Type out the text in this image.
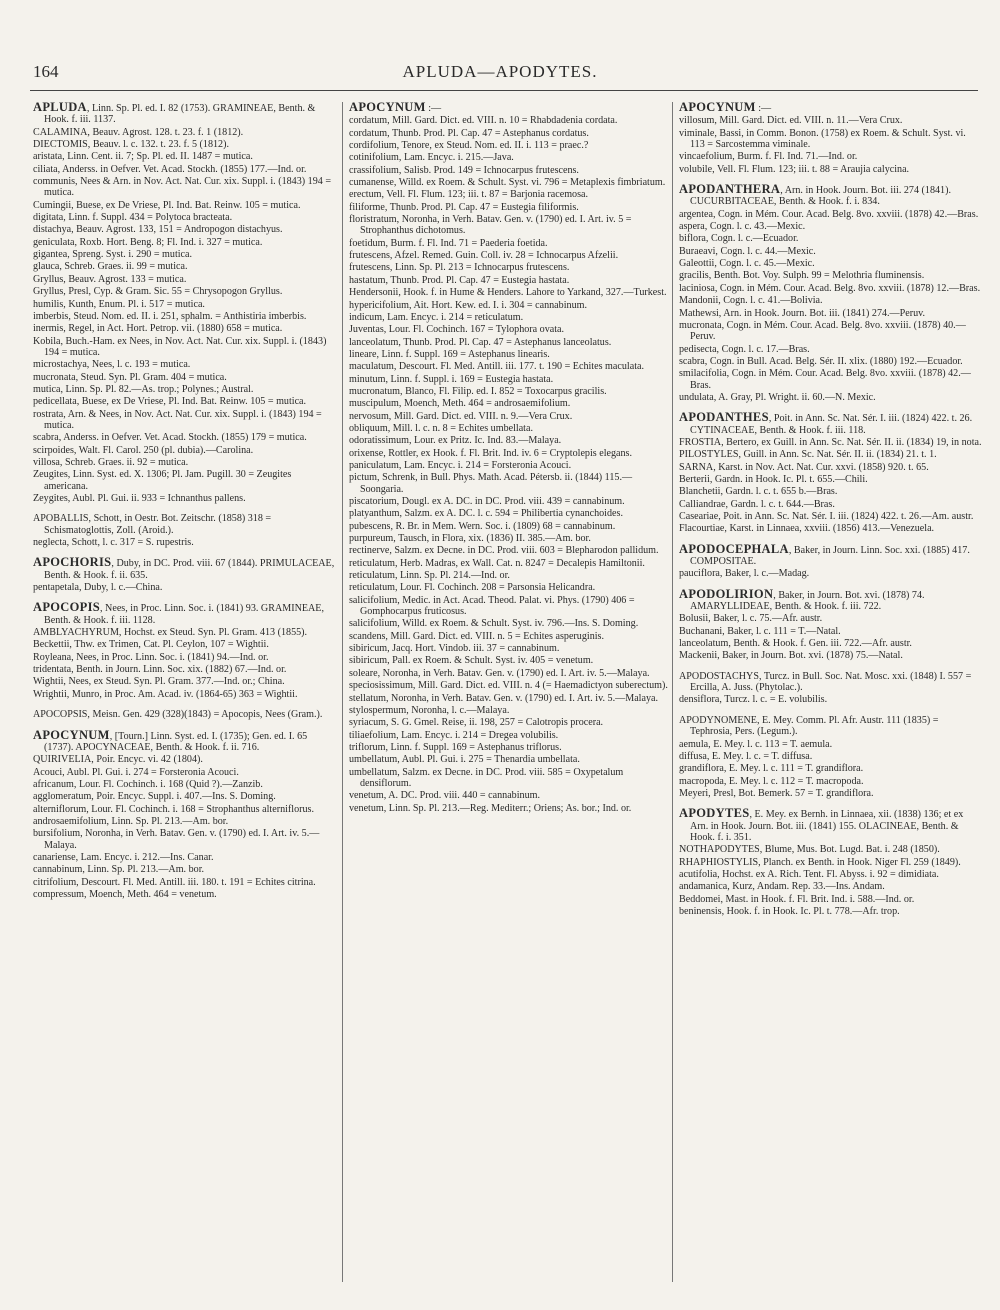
164	APLUDA—APODYTES.
APLUDA, Linn. Sp. Pl. ed. I. 82 (1753). GRAMINEAE, Benth. & Hook. f. iii. 1137.
CALAMINA, Beauv. Agrost. 128. t. 23. f. 1 (1812).
DIECTOMIS, Beauv. l. c. 132. t. 23. f. 5 (1812).
aristata, Linn. Cent. ii. 7; Sp. Pl. ed. II. 1487 = mutica.
ciliata, Anderss. in Oefver. Vet. Acad. Stockh. (1855) 177.—Ind. or.
communis, Nees & Arn. in Nov. Act. Nat. Cur. xix. Suppl. i. (1843) 194 = mutica.
Cumingii, Buese, ex De Vriese, Pl. Ind. Bat. Reinw. 105 = mutica.
digitata, Linn. f. Suppl. 434 = Polytoca bracteata.
distachya, Beauv. Agrost. 133, 151 = Andropogon distachyus.
geniculata, Roxb. Hort. Beng. 8; Fl. Ind. i. 327 = mutica.
gigantea, Spreng. Syst. i. 290 = mutica.
glauca, Schreb. Graes. ii. 99 = mutica.
Gryllus, Beauv. Agrost. 133 = mutica.
Gryllus, Presl, Cyp. & Gram. Sic. 55 = Chrysopogon Gryllus.
humilis, Kunth, Enum. Pl. i. 517 = mutica.
imberbis, Steud. Nom. ed. II. i. 251, sphalm. = Anthistiria imberbis.
inermis, Regel, in Act. Hort. Petrop. vii. (1880) 658 = mutica.
Kobila, Buch.-Ham. ex Nees, in Nov. Act. Nat. Cur. xix. Suppl. i. (1843) 194 = mutica.
microstachya, Nees, l. c. 193 = mutica.
mucronata, Steud. Syn. Pl. Gram. 404 = mutica.
mutica, Linn. Sp. Pl. 82.—As. trop.; Polynes.; Austral.
pedicellata, Buese, ex De Vriese, Pl. Ind. Bat. Reinw. 105 = mutica.
rostrata, Arn. & Nees, in Nov. Act. Nat. Cur. xix. Suppl. i. (1843) 194 = mutica.
scabra, Anderss. in Oefver. Vet. Acad. Stockh. (1855) 179 = mutica.
scirpoides, Walt. Fl. Carol. 250 (pl. dubia).—Carolina.
villosa, Schreb. Graes. ii. 92 = mutica.
Zeugites, Linn. Syst. ed. X. 1306; Pl. Jam. Pugill. 30 = Zeugites americana.
Zeygites, Aubl. Pl. Gui. ii. 933 = Ichnanthus pallens.
APOBALLIS, Schott, in Oestr. Bot. Zeitschr. (1858) 318 = Schismatoglottis, Zoll. (Aroid.).
neglecta, Schott, l. c. 317 = S. rupestris.
APOCHORIS, Duby, in DC. Prod. viii. 67 (1844). PRIMULACEAE, Benth. & Hook. f. ii. 635.
pentapetala, Duby, l. c.—China.
APOCOPIS, Nees, in Proc. Linn. Soc. i. (1841) 93. GRAMINEAE, Benth. & Hook. f. iii. 1128.
AMBLYACHYRUM, Hochst. ex Steud. Syn. Pl. Gram. 413 (1855).
Beckettii, Thw. ex Trimen, Cat. Pl. Ceylon, 107 = Wightii.
Royleana, Nees, in Proc. Linn. Soc. i. (1841) 94.—Ind. or.
tridentata, Benth. in Journ. Linn. Soc. xix. (1882) 67.—Ind. or.
Wightii, Nees, ex Steud. Syn. Pl. Gram. 377.—Ind. or.; China.
Wrightii, Munro, in Proc. Am. Acad. iv. (1864-65) 363 = Wightii.
APOCOPSIS, Meisn. Gen. 429 (328)(1843) = Apocopis, Nees (Gram.).
APOCYNUM, [Tourn.] Linn. Syst. ed. I. (1735); Gen. ed. I. 65 (1737). APOCYNACEAE, Benth. & Hook. f. ii. 716.
QUIRIVELIA, Poir. Encyc. vi. 42 (1804).
Acouci, Aubl. Pl. Gui. i. 274 = Forsteronia Acouci.
africanum, Lour. Fl. Cochinch. i. 168 (Quid ?).—Zanzib.
agglomeratum, Poir. Encyc. Suppl. i. 407.—Ins. S. Doming.
alterniflorum, Lour. Fl. Cochinch. i. 168 = Strophanthus alterniflorus.
androsaemifolium, Linn. Sp. Pl. 213.—Am. bor.
bursifolium, Noronha, in Verh. Batav. Gen. v. (1790) ed. I. Art. iv. 5.—Malaya.
canariense, Lam. Encyc. i. 212.—Ins. Canar.
cannabinum, Linn. Sp. Pl. 213.—Am. bor.
citrifolium, Descourt. Fl. Med. Antill. iii. 180. t. 191 = Echites citrina.
compressum, Moench, Meth. 464 = venetum.
APOCYNUM :—
cordatum, Mill. Gard. Dict. ed. VIII. n. 10 = Rhabdadenia cordata.
cordatum, Thunb. Prod. Pl. Cap. 47 = Astephanus cordatus.
cordifolium, Tenore, ex Steud. Nom. ed. II. i. 113 = praec.?
cotinifolium, Lam. Encyc. i. 215.—Java.
crassifolium, Salisb. Prod. 149 = Ichnocarpus frutescens.
cumanense, Willd. ex Roem. & Schult. Syst. vi. 796 = Metaplexis fimbriatum.
erectum, Vell. Fl. Flum. 123; iii. t. 87 = Barjonia racemosa.
filiforme, Thunb. Prod. Pl. Cap. 47 = Eustegia filiformis.
floristratum, Noronha, in Verh. Batav. Gen. v. (1790) ed. I. Art. iv. 5 = Strophanthus dichotomus.
foetidum, Burm. f. Fl. Ind. 71 = Paederia foetida.
frutescens, Afzel. Remed. Guin. Coll. iv. 28 = Ichnocarpus Afzelii.
frutescens, Linn. Sp. Pl. 213 = Ichnocarpus frutescens.
hastatum, Thunb. Prod. Pl. Cap. 47 = Eustegia hastata.
Hendersonii, Hook. f. in Hume & Henders. Lahore to Yarkand, 327.—Turkest.
hypericifolium, Ait. Hort. Kew. ed. I. i. 304 = cannabinum.
indicum, Lam. Encyc. i. 214 = reticulatum.
Juventas, Lour. Fl. Cochinch. 167 = Tylophora ovata.
lanceolatum, Thunb. Prod. Pl. Cap. 47 = Astephanus lanceolatus.
lineare, Linn. f. Suppl. 169 = Astephanus linearis.
maculatum, Descourt. Fl. Med. Antill. iii. 177. t. 190 = Echites maculata.
minutum, Linn. f. Suppl. i. 169 = Eustegia hastata.
mucronatum, Blanco, Fl. Filip. ed. I. 852 = Toxocarpus gracilis.
muscipulum, Moench, Meth. 464 = androsaemifolium.
nervosum, Mill. Gard. Dict. ed. VIII. n. 9.—Vera Crux.
obliquum, Mill. l. c. n. 8 = Echites umbellata.
odoratissimum, Lour. ex Pritz. Ic. Ind. 83.—Malaya.
orixense, Rottler, ex Hook. f. Fl. Brit. Ind. iv. 6 = Cryptolepis elegans.
paniculatum, Lam. Encyc. i. 214 = Forsteronia Acouci.
pictum, Schrenk, in Bull. Phys. Math. Acad. Pétersb. ii. (1844) 115.—Soongaria.
piscatorium, Dougl. ex A. DC. in DC. Prod. viii. 439 = cannabinum.
platyanthum, Salzm. ex A. DC. l. c. 594 = Philibertia cynanchoides.
pubescens, R. Br. in Mem. Wern. Soc. i. (1809) 68 = cannabinum.
purpureum, Tausch, in Flora, xix. (1836) II. 385.—Am. bor.
rectinerve, Salzm. ex Decne. in DC. Prod. viii. 603 = Blepharodon pallidum.
reticulatum, Herb. Madras, ex Wall. Cat. n. 8247 = Decalepis Hamiltonii.
reticulatum, Linn. Sp. Pl. 214.—Ind. or.
reticulatum, Lour. Fl. Cochinch. 208 = Parsonsia Helicandra.
salicifolium, Medic. in Act. Acad. Theod. Palat. vi. Phys. (1790) 406 = Gomphocarpus fruticosus.
salicifolium, Willd. ex Roem. & Schult. Syst. iv. 796.—Ins. S. Doming.
scandens, Mill. Gard. Dict. ed. VIII. n. 5 = Echites asperuginis.
sibiricum, Jacq. Hort. Vindob. iii. 37 = cannabinum.
sibiricum, Pall. ex Roem. & Schult. Syst. iv. 405 = venetum.
soleare, Noronha, in Verh. Batav. Gen. v. (1790) ed. I. Art. iv. 5.—Malaya.
speciosissimum, Mill. Gard. Dict. ed. VIII. n. 4 (= Haemadictyon suberectum).
stellatum, Noronha, in Verh. Batav. Gen. v. (1790) ed. I. Art. iv. 5.—Malaya.
stylospermum, Noronha, l. c.—Malaya.
syriacum, S. G. Gmel. Reise, ii. 198, 257 = Calotropis procera.
tiliaefolium, Lam. Encyc. i. 214 = Dregea volubilis.
triflorum, Linn. f. Suppl. 169 = Astephanus triflorus.
umbellatum, Aubl. Pl. Gui. i. 275 = Thenardia umbellata.
umbellatum, Salzm. ex Decne. in DC. Prod. viii. 585 = Oxypetalum densiflorum.
venetum, A. DC. Prod. viii. 440 = cannabinum.
venetum, Linn. Sp. Pl. 213.—Reg. Mediterr.; Oriens; As. bor.; Ind. or.
APOCYNUM :—
villosum, Mill. Gard. Dict. ed. VIII. n. 11.—Vera Crux.
viminale, Bassi, in Comm. Bonon. (1758) ex Roem. & Schult. Syst. vi. 113 = Sarcostemma viminale.
vincaefolium, Burm. f. Fl. Ind. 71.—Ind. or.
volubile, Vell. Fl. Flum. 123; iii. t. 88 = Araujia calycina.
APODANTHERA, Arn. in Hook. Journ. Bot. iii. 274 (1841). CUCURBITACEAE, Benth. & Hook. f. i. 834.
argentea, Cogn. in Mém. Cour. Acad. Belg. 8vo. xxviii. (1878) 42.—Bras.
aspera, Cogn. l. c. 43.—Mexic.
biflora, Cogn. l. c.—Ecuador.
Buraeavi, Cogn. l. c. 44.—Mexic.
Galeottii, Cogn. l. c. 45.—Mexic.
gracilis, Benth. Bot. Voy. Sulph. 99 = Melothria fluminensis.
laciniosa, Cogn. in Mém. Cour. Acad. Belg. 8vo. xxviii. (1878) 12.—Bras.
Mandonii, Cogn. l. c. 41.—Bolivia.
Mathewsi, Arn. in Hook. Journ. Bot. iii. (1841) 274.—Peruv.
mucronata, Cogn. in Mém. Cour. Acad. Belg. 8vo. xxviii. (1878) 40.—Peruv.
pedisecta, Cogn. l. c. 17.—Bras.
scabra, Cogn. in Bull. Acad. Belg. Sér. II. xlix. (1880) 192.—Ecuador.
smilacifolia, Cogn. in Mém. Cour. Acad. Belg. 8vo. xxviii. (1878) 42.—Bras.
undulata, A. Gray, Pl. Wright. ii. 60.—N. Mexic.
APODANTHES, Poit. in Ann. Sc. Nat. Sér. I. iii. (1824) 422. t. 26. CYTINACEAE, Benth. & Hook. f. iii. 118.
FROSTIA, Bertero, ex Guill. in Ann. Sc. Nat. Sér. II. ii. (1834) 19, in nota.
PILOSTYLES, Guill. in Ann. Sc. Nat. Sér. II. ii. (1834) 21. t. 1.
SARNA, Karst. in Nov. Act. Nat. Cur. xxvi. (1858) 920. t. 65.
Berterii, Gardn. in Hook. Ic. Pl. t. 655.—Chili.
Blanchetii, Gardn. l. c. t. 655 b.—Bras.
Calliandrae, Gardn. l. c. t. 644.—Bras.
Caseariae, Poit. in Ann. Sc. Nat. Sér. I. iii. (1824) 422. t. 26.—Am. austr.
Flacourtiae, Karst. in Linnaea, xxviii. (1856) 413.—Venezuela.
APODOCEPHALA, Baker, in Journ. Linn. Soc. xxi. (1885) 417. COMPOSITAE.
pauciflora, Baker, l. c.—Madag.
APODOLIRION, Baker, in Journ. Bot. xvi. (1878) 74. AMARYLLIDEAE, Benth. & Hook. f. iii. 722.
Bolusii, Baker, l. c. 75.—Afr. austr.
Buchanani, Baker, l. c. 111 = T.—Natal.
lanceolatum, Benth. & Hook. f. Gen. iii. 722.—Afr. austr.
Mackenii, Baker, in Journ. Bot. xvi. (1878) 75.—Natal.
APODOSTACHYS, Turcz. in Bull. Soc. Nat. Mosc. xxi. (1848) I. 557 = Ercilla, A. Juss. (Phytolac.).
densiflora, Turcz. l. c. = E. volubilis.
APODYNOMENE, E. Mey. Comm. Pl. Afr. Austr. 111 (1835) = Tephrosia, Pers. (Legum.).
aemula, E. Mey. l. c. 113 = T. aemula.
diffusa, E. Mey. l. c. = T. diffusa.
grandiflora, E. Mey. l. c. 111 = T. grandiflora.
macropoda, E. Mey. l. c. 112 = T. macropoda.
Meyeri, Presl, Bot. Bemerk. 57 = T. grandiflora.
APODYTES, E. Mey. ex Bernh. in Linnaea, xii. (1838) 136; et ex Arn. in Hook. Journ. Bot. iii. (1841) 155. OLACINEAE, Benth. & Hook. f. i. 351.
NOTHAPODYTES, Blume, Mus. Bot. Lugd. Bat. i. 248 (1850).
RHAPHIOSTYLIS, Planch. ex Benth. in Hook. Niger Fl. 259 (1849).
acutifolia, Hochst. ex A. Rich. Tent. Fl. Abyss. i. 92 = dimidiata.
andamanica, Kurz, Andam. Rep. 33.—Ins. Andam.
Beddomei, Mast. in Hook. f. Fl. Brit. Ind. i. 588.—Ind. or.
beninensis, Hook. f. in Hook. Ic. Pl. t. 778.—Afr. trop.
